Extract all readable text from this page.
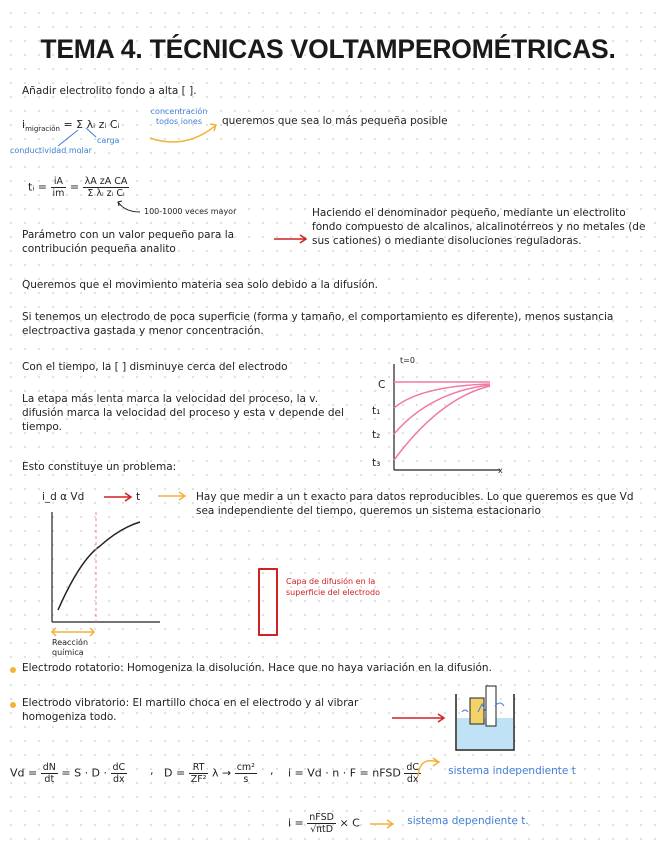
TEMA 4. TÉCNICAS VOLTAMPEROMÉTRICAS.
Añadir electrolito fondo a alta [ ].
$i_{migración} = \Sigma$ λᵢ zᵢ Cᵢ
concentración
todos iones
carga
conductividad molar
queremos que sea lo más pequeña posible
tᵢ = $\frac{iA}{im} = \frac{\text{λA zA CA}}{\text{Σ λᵢ zᵢ Cᵢ}}$
100-1000 veces mayor
Parámetro con un valor pequeño para la contribución pequeña analito
Haciendo el denominador pequeño, mediante un electrolito fondo compuesto de alcalinos, alcalinotérreos y no metales (de sus cationes) o mediante disoluciones reguladoras.
Queremos que el movimiento materia sea solo debido a la difusión.
Si tenemos un electrodo de poca superficie (forma y tamaño, el comportamiento es diferente), menos sustancia electroactiva gastada y menor concentración.
Con el tiempo, la [ ] disminuye cerca del electrodo
La etapa más lenta marca la velocidad del proceso, la v. difusión marca la velocidad del proceso y esta v depende del tiempo.
Esto constituye un problema:
t=0
C
t₁
t₂
t₃
x
i_d α Vd	t	Hay que medir a un t exacto para datos reproducibles. Lo que queremos es que Vd sea independiente del tiempo, queremos un sistema estacionario
Reacción química
Capa de difusión en la superficie del electrodo
Electrodo rotatorio: Homogeniza la disolución. Hace que no haya variación en la difusión.
Electrodo vibratorio: El martillo choca en el electrodo y al vibrar homogeniza todo.
$Vd = \frac{dN}{dt} = S \cdot D \cdot \frac{dC}{dx}$ , $D = \frac{RT}{\text{ZF²}}$ $\lambda \to \frac{\text{cm²}}{s}$ , i = Vd · n · F = nFSD $\frac{dC}{dx}$	sistema independiente t
$i = \frac{\text{nFSD}}{\text{√πtD}} \times C$	sistema dependiente t.
